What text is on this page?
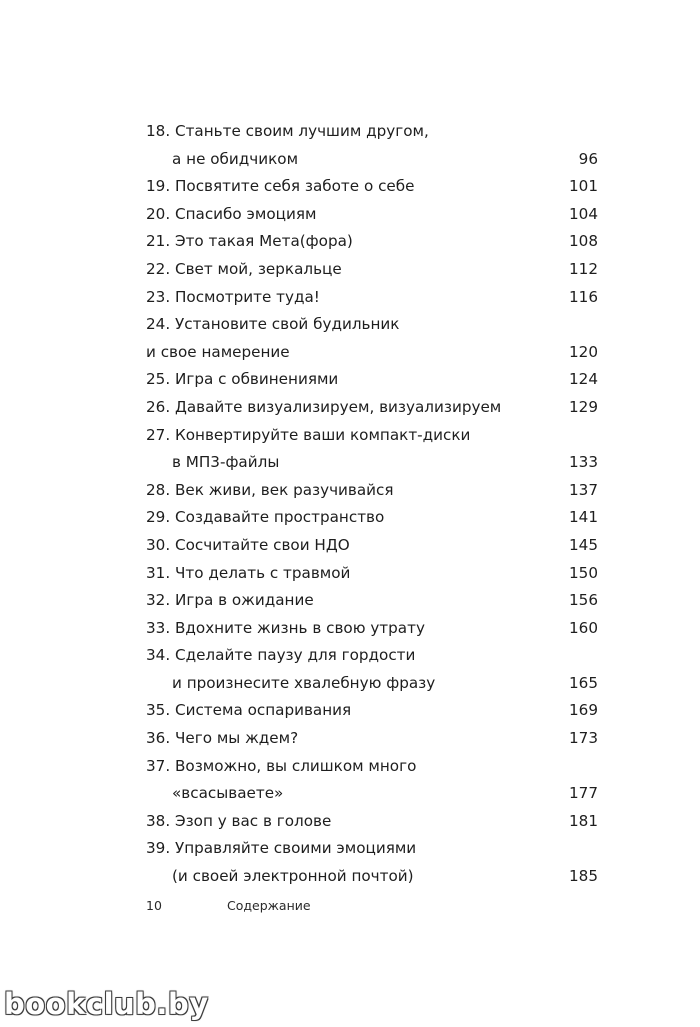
18. Станьте своим лучшим другом,
а не обидчиком	96
19. Посвятите себя заботе о себе	101
20. Спасибо эмоциям	104
21. Это такая Мета(фора)	108
22. Свет мой, зеркальце	112
23. Посмотрите туда!	116
24. Установите свой будильник
и свое намерение	120
25. Игра с обвинениями	124
26. Давайте визуализируем, визуализируем	129
27. Конвертируйте ваши компакт-диски
в МП3-файлы	133
28. Век живи, век разучивайся	137
29. Создавайте пространство	141
30. Сосчитайте свои НДО	145
31. Что делать с травмой	150
32. Игра в ожидание	156
33. Вдохните жизнь в свою утрату	160
34. Сделайте паузу для гордости
и произнесите хвалебную фразу	165
35. Система оспаривания	169
36. Чего мы ждем?	173
37. Возможно, вы слишком много
«всасываете»	177
38. Эзоп у вас в голове	181
39. Управляйте своими эмоциями
(и своей электронной почтой)	185
10	Содержание
bookclub.by
